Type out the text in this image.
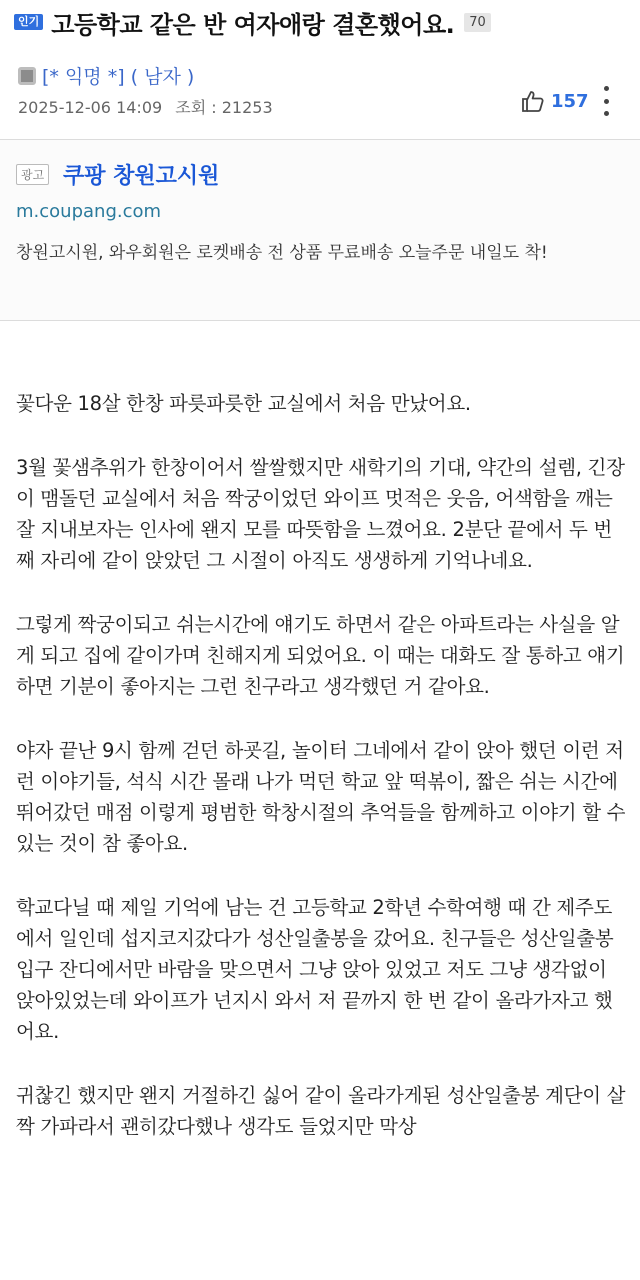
인기 고등학교 같은 반 여자애랑 결혼했어요.	70
[* 익명 *] ( 남자 )
2025-12-06 14:09 조회 : 21253	157
광고 쿠팡 창원고시원
m.coupang.com
창원고시원, 와우회원은 로켓배송 전 상품 무료배송 오늘주문 내일도 착!

꽃다운 18살 한창 파릇파릇한 교실에서 처음 만났어요.

3월 꽃샘추위가 한창이어서 쌀쌀했지만 새학기의 기대, 약간의 설렘, 긴장이 맴돌던 교실에서 처음 짝궁이었던 와이프 멋적은 웃음, 어색함을 깨는 잘 지내보자는 인사에 왠지 모를 따뜻함을 느꼈어요. 2분단 끝에서 두 번째 자리에 같이 앉았던 그 시절이 아직도 생생하게 기억나네요.

그렇게 짝궁이되고 쉬는시간에 얘기도 하면서 같은 아파트라는 사실을 알게 되고 집에 같이가며 친해지게 되었어요. 이 때는 대화도 잘 통하고 얘기하면 기분이 좋아지는 그런 친구라고 생각했던 거 같아요.

야자 끝난 9시 함께 걷던 하굣길, 놀이터 그네에서 같이 앉아 했던 이런 저런 이야기들, 석식 시간 몰래 나가 먹던 학교 앞 떡볶이, 짧은 쉬는 시간에 뛰어갔던 매점 이렇게 평범한 학창시절의 추억들을 함께하고 이야기 할 수 있는 것이 참 좋아요.

학교다닐 때 제일 기억에 남는 건 고등학교 2학년 수학여행 때 간 제주도에서 일인데 섭지코지갔다가 성산일출봉을 갔어요. 친구들은 성산일출봉 입구 잔디에서만 바람을 맞으면서 그냥 앉아 있었고 저도 그냥 생각없이 앉아있었는데 와이프가 넌지시 와서 저 끝까지 한 번 같이 올라가자고 했어요.

귀찮긴 했지만 왠지 거절하긴 싫어 같이 올라가게된 성산일출봉 계단이 살짝 가파라서 괜히갔다했나 생각도 들었지만 막상
